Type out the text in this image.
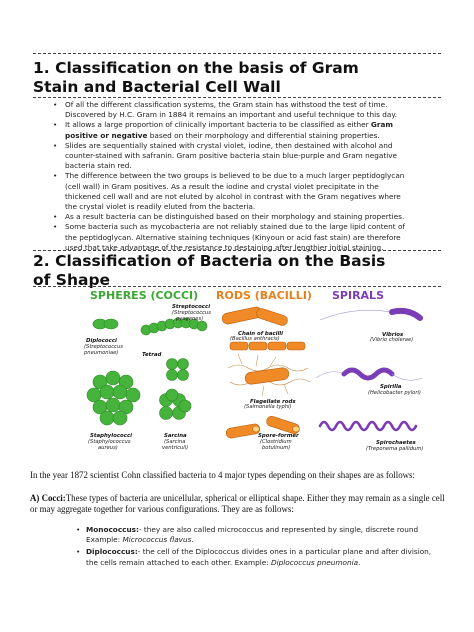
1. Classification on the basis of Gram
Stain and Bacterial Cell Wall
• Of all the different classification systems, the Gram stain has withstood the test of time. Discovered by H.C. Gram in 1884 it remains an important and useful technique to this day.
• It allows a large proportion of clinically important bacteria to be classified as either Gram positive or negative based on their morphology and differential staining properties.
• Slides are sequentially stained with crystal violet, iodine, then destained with alcohol and counter-stained with safranin. Gram positive bacteria stain blue-purple and Gram negative bacteria stain red.
• The difference between the two groups is believed to be due to a much larger peptidoglycan (cell wall) in Gram positives. As a result the iodine and crystal violet precipitate in the thickened cell wall and are not eluted by alcohol in contrast with the Gram negatives where the crystal violet is readily eluted from the bacteria.
• As a result bacteria can be distinguished based on their morphology and staining properties.
• Some bacteria such as mycobacteria are not reliably stained due to the large lipid content of the peptidoglycan. Alternative staining techniques (Kinyoun or acid fast stain) are therefore used that take advantage of the resistance to destaining after lengthier initial staining.
2. Classification of Bacteria on the Basis
of Shape
SPHERES (COCCI) RODS (BACILLI) SPIRALS
Streptococci
(Streptococcus
pyogenes)
Diplococci
(Streptococcus
pneumoniae)	Tetrad
Staphylococci
(Staphylococcus
aureus)
Sarcina
(Sarcina
ventriculi)
Chain of bacilli
(Bacillus anthracis)
Flagellate rods
(Salmonella typhi)
Spore-former
(Clostridium
botulinum)
Vibrios
(Vibrio cholerae)
Spirilla
(Helicobacter pylori)
Spirochaetes
(Treponema pallidum)
In the year 1872 scientist Cohn classified bacteria to 4 major types depending on their shapes are as follows:
A) Cocci:These types of bacteria are unicellular, spherical or elliptical shape. Either they may remain as a single cell or may aggregate together for various configurations. They are as follows:
• Monococcus:- they are also called micrococcus and represented by single, discrete round Example: Micrococcus flavus.
• Diplococcus:- the cell of the Diplococcus divides ones in a particular plane and after division, the cells remain attached to each other. Example: Diplococcus pneumonia.
